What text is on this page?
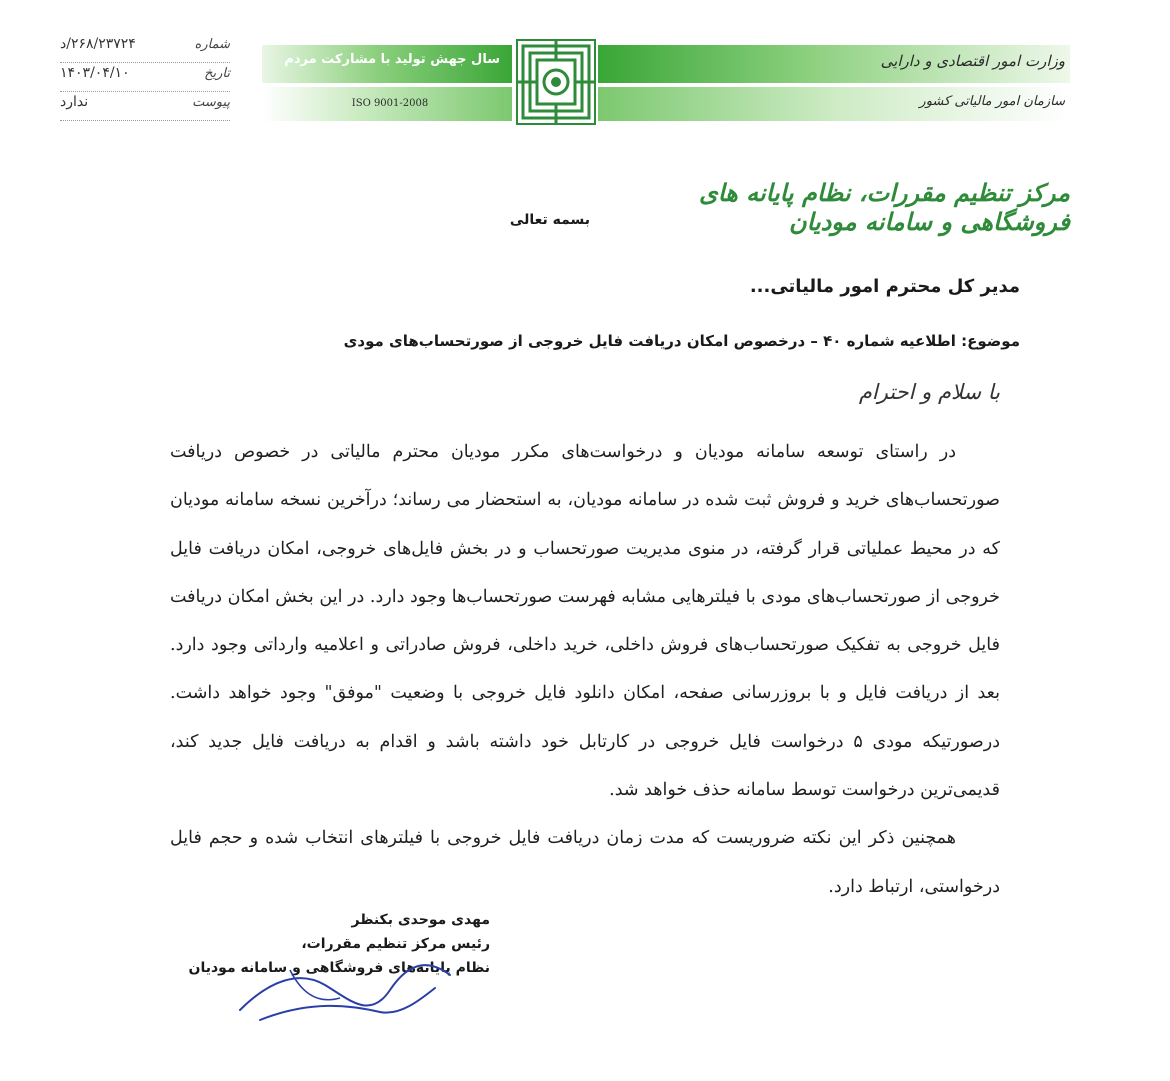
شماره
۲۶۸/۲۳۷۲۴/د
تاریخ
۱۴۰۳/۰۴/۱۰
پیوست
ندارد
سال جهش تولید با مشارکت مردم
ISO 9001-2008
وزارت امور اقتصادی و دارایی
سازمان امور مالیاتی کشور
مرکز تنظیم مقررات، نظام پایانه های فروشگاهی و سامانه مودیان
بسمه تعالی
مدیر کل محترم امور مالیاتی...
موضوع: اطلاعیه شماره ۴۰ – درخصوص امکان دریافت فایل خروجی از صورتحساب‌های مودی
با سلام و احترام

در راستای توسعه سامانه مودیان و درخواست‌های مکرر مودیان محترم مالیاتی در خصوص دریافت صورتحساب‌های خرید و فروش ثبت شده در سامانه مودیان، به استحضار می رساند؛ درآخرین نسخه سامانه مودیان که در محیط عملیاتی قرار گرفته، در منوی مدیریت صورتحساب و در بخش فایل‌های خروجی، امکان دریافت فایل خروجی از صورتحساب‌های مودی با فیلترهایی مشابه فهرست صورتحساب‌ها وجود دارد. در این بخش امکان دریافت فایل خروجی به تفکیک صورتحساب‌های فروش داخلی، خرید داخلی، فروش صادراتی و اعلامیه وارداتی وجود دارد. بعد از دریافت فایل و با بروزرسانی صفحه، امکان دانلود فایل خروجی با وضعیت "موفق" وجود خواهد داشت. درصورتیکه مودی ۵ درخواست فایل خروجی در کارتابل خود داشته باشد و اقدام به دریافت فایل جدید کند، قدیمی‌ترین درخواست توسط سامانه حذف خواهد شد.

همچنین ذکر این نکته ضروریست که مدت زمان دریافت فایل خروجی با فیلترهای انتخاب شده و حجم فایل درخواستی، ارتباط دارد.

مهدی موحدی بکنظر
رئیس مرکز تنظیم مقررات،
نظام پایانه‌های فروشگاهی و سامانه مودیان
